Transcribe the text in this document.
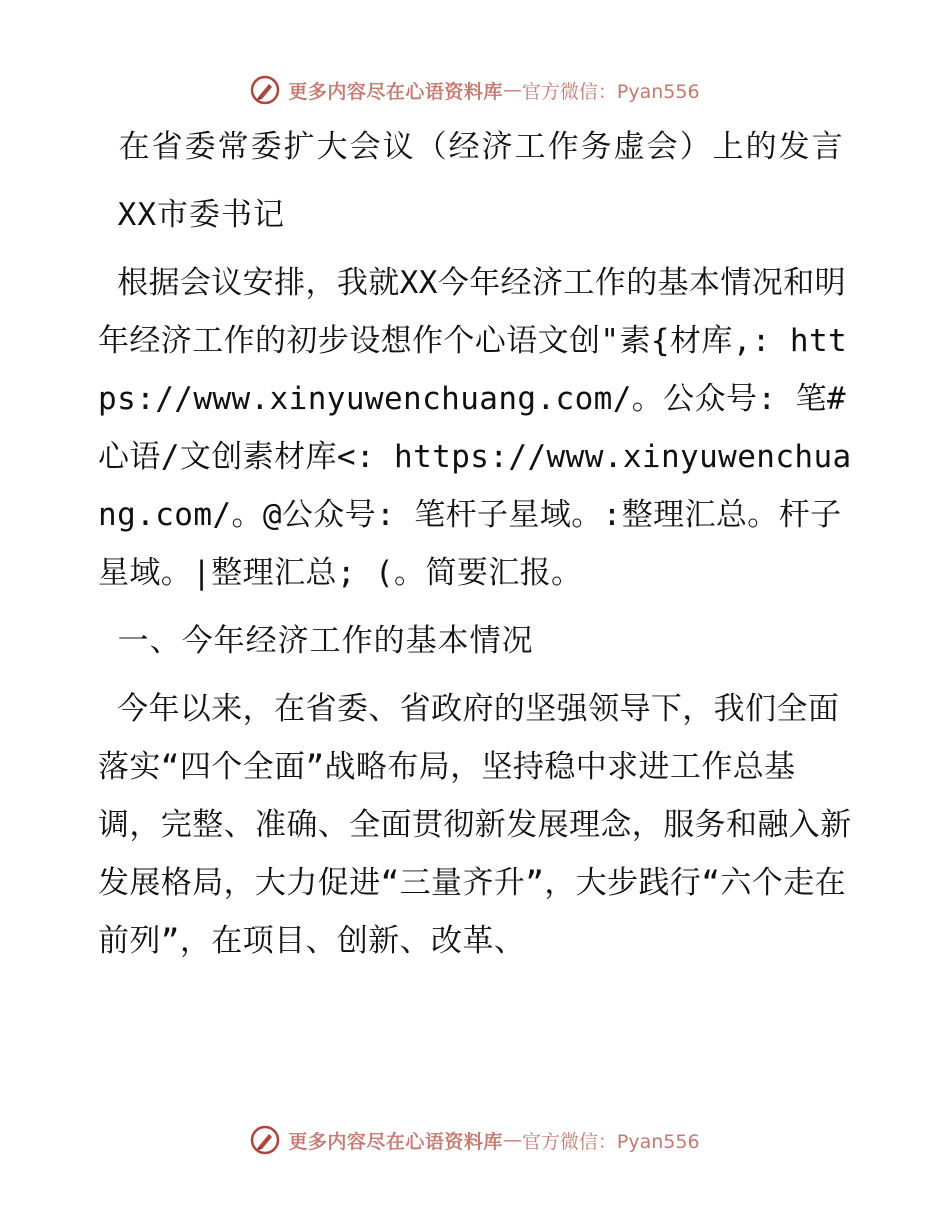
更多内容尽在心语资料库 — 官方微信：Pyan556

在省委常委扩大会议（经济工作务虚会）上的发言

XX市委书记

根据会议安排，我就XX今年经济工作的基本情况和明年经济工作的初步设想作个心语文创"素{材库,: https://www.xinyuwenchuang.com/。公众号: 笔#心语/文创素材库<: https://www.xinyuwenchuang.com/。@公众号: 笔杆子星域。:整理汇总。杆子星域。|整理汇总; (。简要汇报。

一、今年经济工作的基本情况

今年以来，在省委、省政府的坚强领导下，我们全面落实“四个全面”战略布局，坚持稳中求进工作总基调，完整、准确、全面贯彻新发展理念，服务和融入新发展格局，大力促进“三量齐升”，大步践行“六个走在前列”，在项目、创新、改革、

更多内容尽在心语资料库 — 官方微信：Pyan556
